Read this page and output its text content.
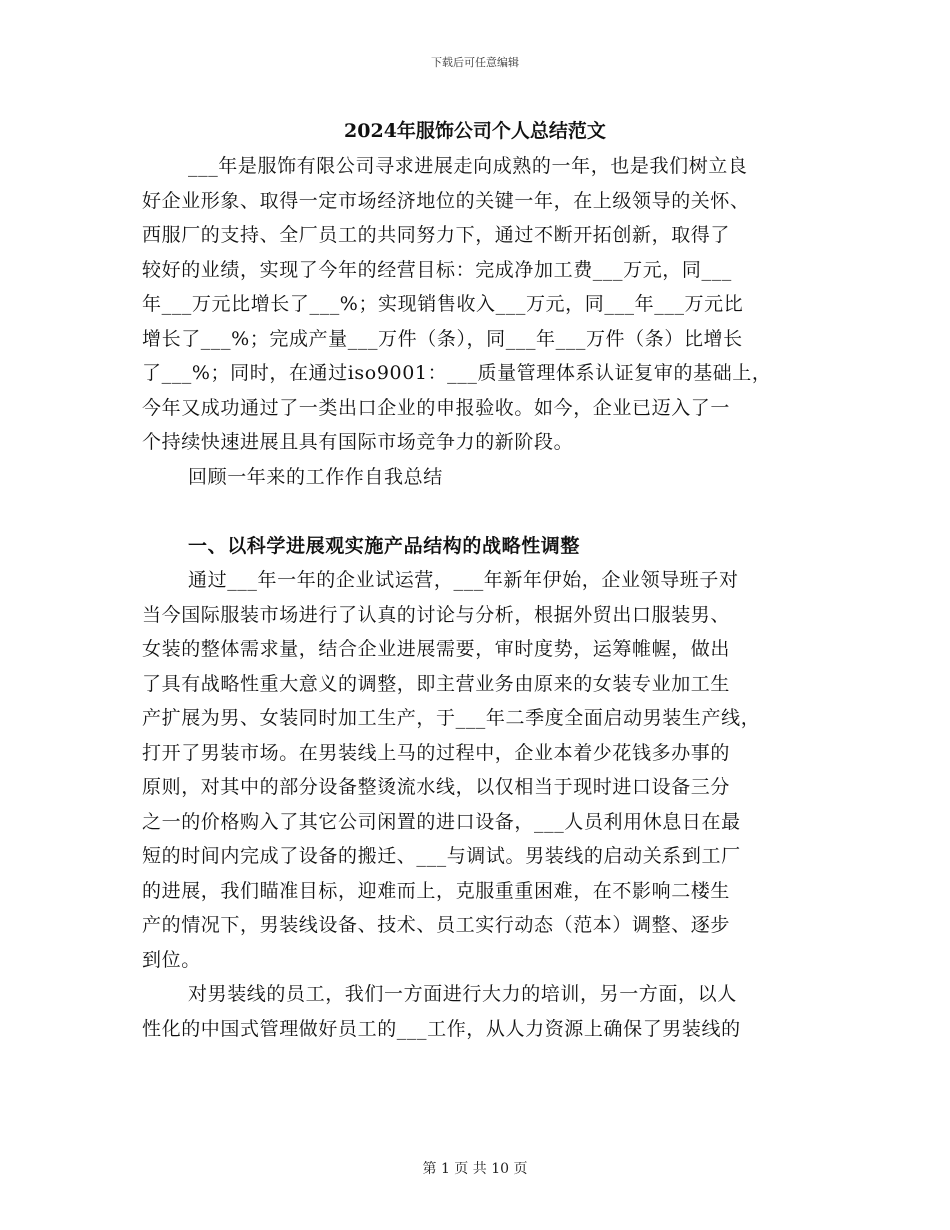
下载后可任意编辑
2024年服饰公司个人总结范文
___年是服饰有限公司寻求进展走向成熟的一年，也是我们树立良
好企业形象、取得一定市场经济地位的关键一年，在上级领导的关怀、
西服厂的支持、全厂员工的共同努力下，通过不断开拓创新，取得了
较好的业绩，实现了今年的经营目标：完成净加工费___万元，同___
年___万元比增长了___%；实现销售收入___万元，同___年___万元比
增长了___%；完成产量___万件（条），同___年___万件（条）比增长
了___%；同时，在通过iso9001：___质量管理体系认证复审的基础上，
今年又成功通过了一类出口企业的申报验收。如今，企业已迈入了一
个持续快速进展且具有国际市场竞争力的新阶段。
回顾一年来的工作作自我总结
一、以科学进展观实施产品结构的战略性调整
通过___年一年的企业试运营，___年新年伊始，企业领导班子对
当今国际服装市场进行了认真的讨论与分析，根据外贸出口服装男、
女装的整体需求量，结合企业进展需要，审时度势，运筹帷幄，做出
了具有战略性重大意义的调整，即主营业务由原来的女装专业加工生
产扩展为男、女装同时加工生产，于___年二季度全面启动男装生产线，
打开了男装市场。在男装线上马的过程中，企业本着少花钱多办事的
原则，对其中的部分设备整烫流水线，以仅相当于现时进口设备三分
之一的价格购入了其它公司闲置的进口设备，___人员利用休息日在最
短的时间内完成了设备的搬迁、___与调试。男装线的启动关系到工厂
的进展，我们瞄准目标，迎难而上，克服重重困难，在不影响二楼生
产的情况下，男装线设备、技术、员工实行动态（范本）调整、逐步
到位。
对男装线的员工，我们一方面进行大力的培训，另一方面，以人
性化的中国式管理做好员工的___工作，从人力资源上确保了男装线的
第 1 页 共 10 页
